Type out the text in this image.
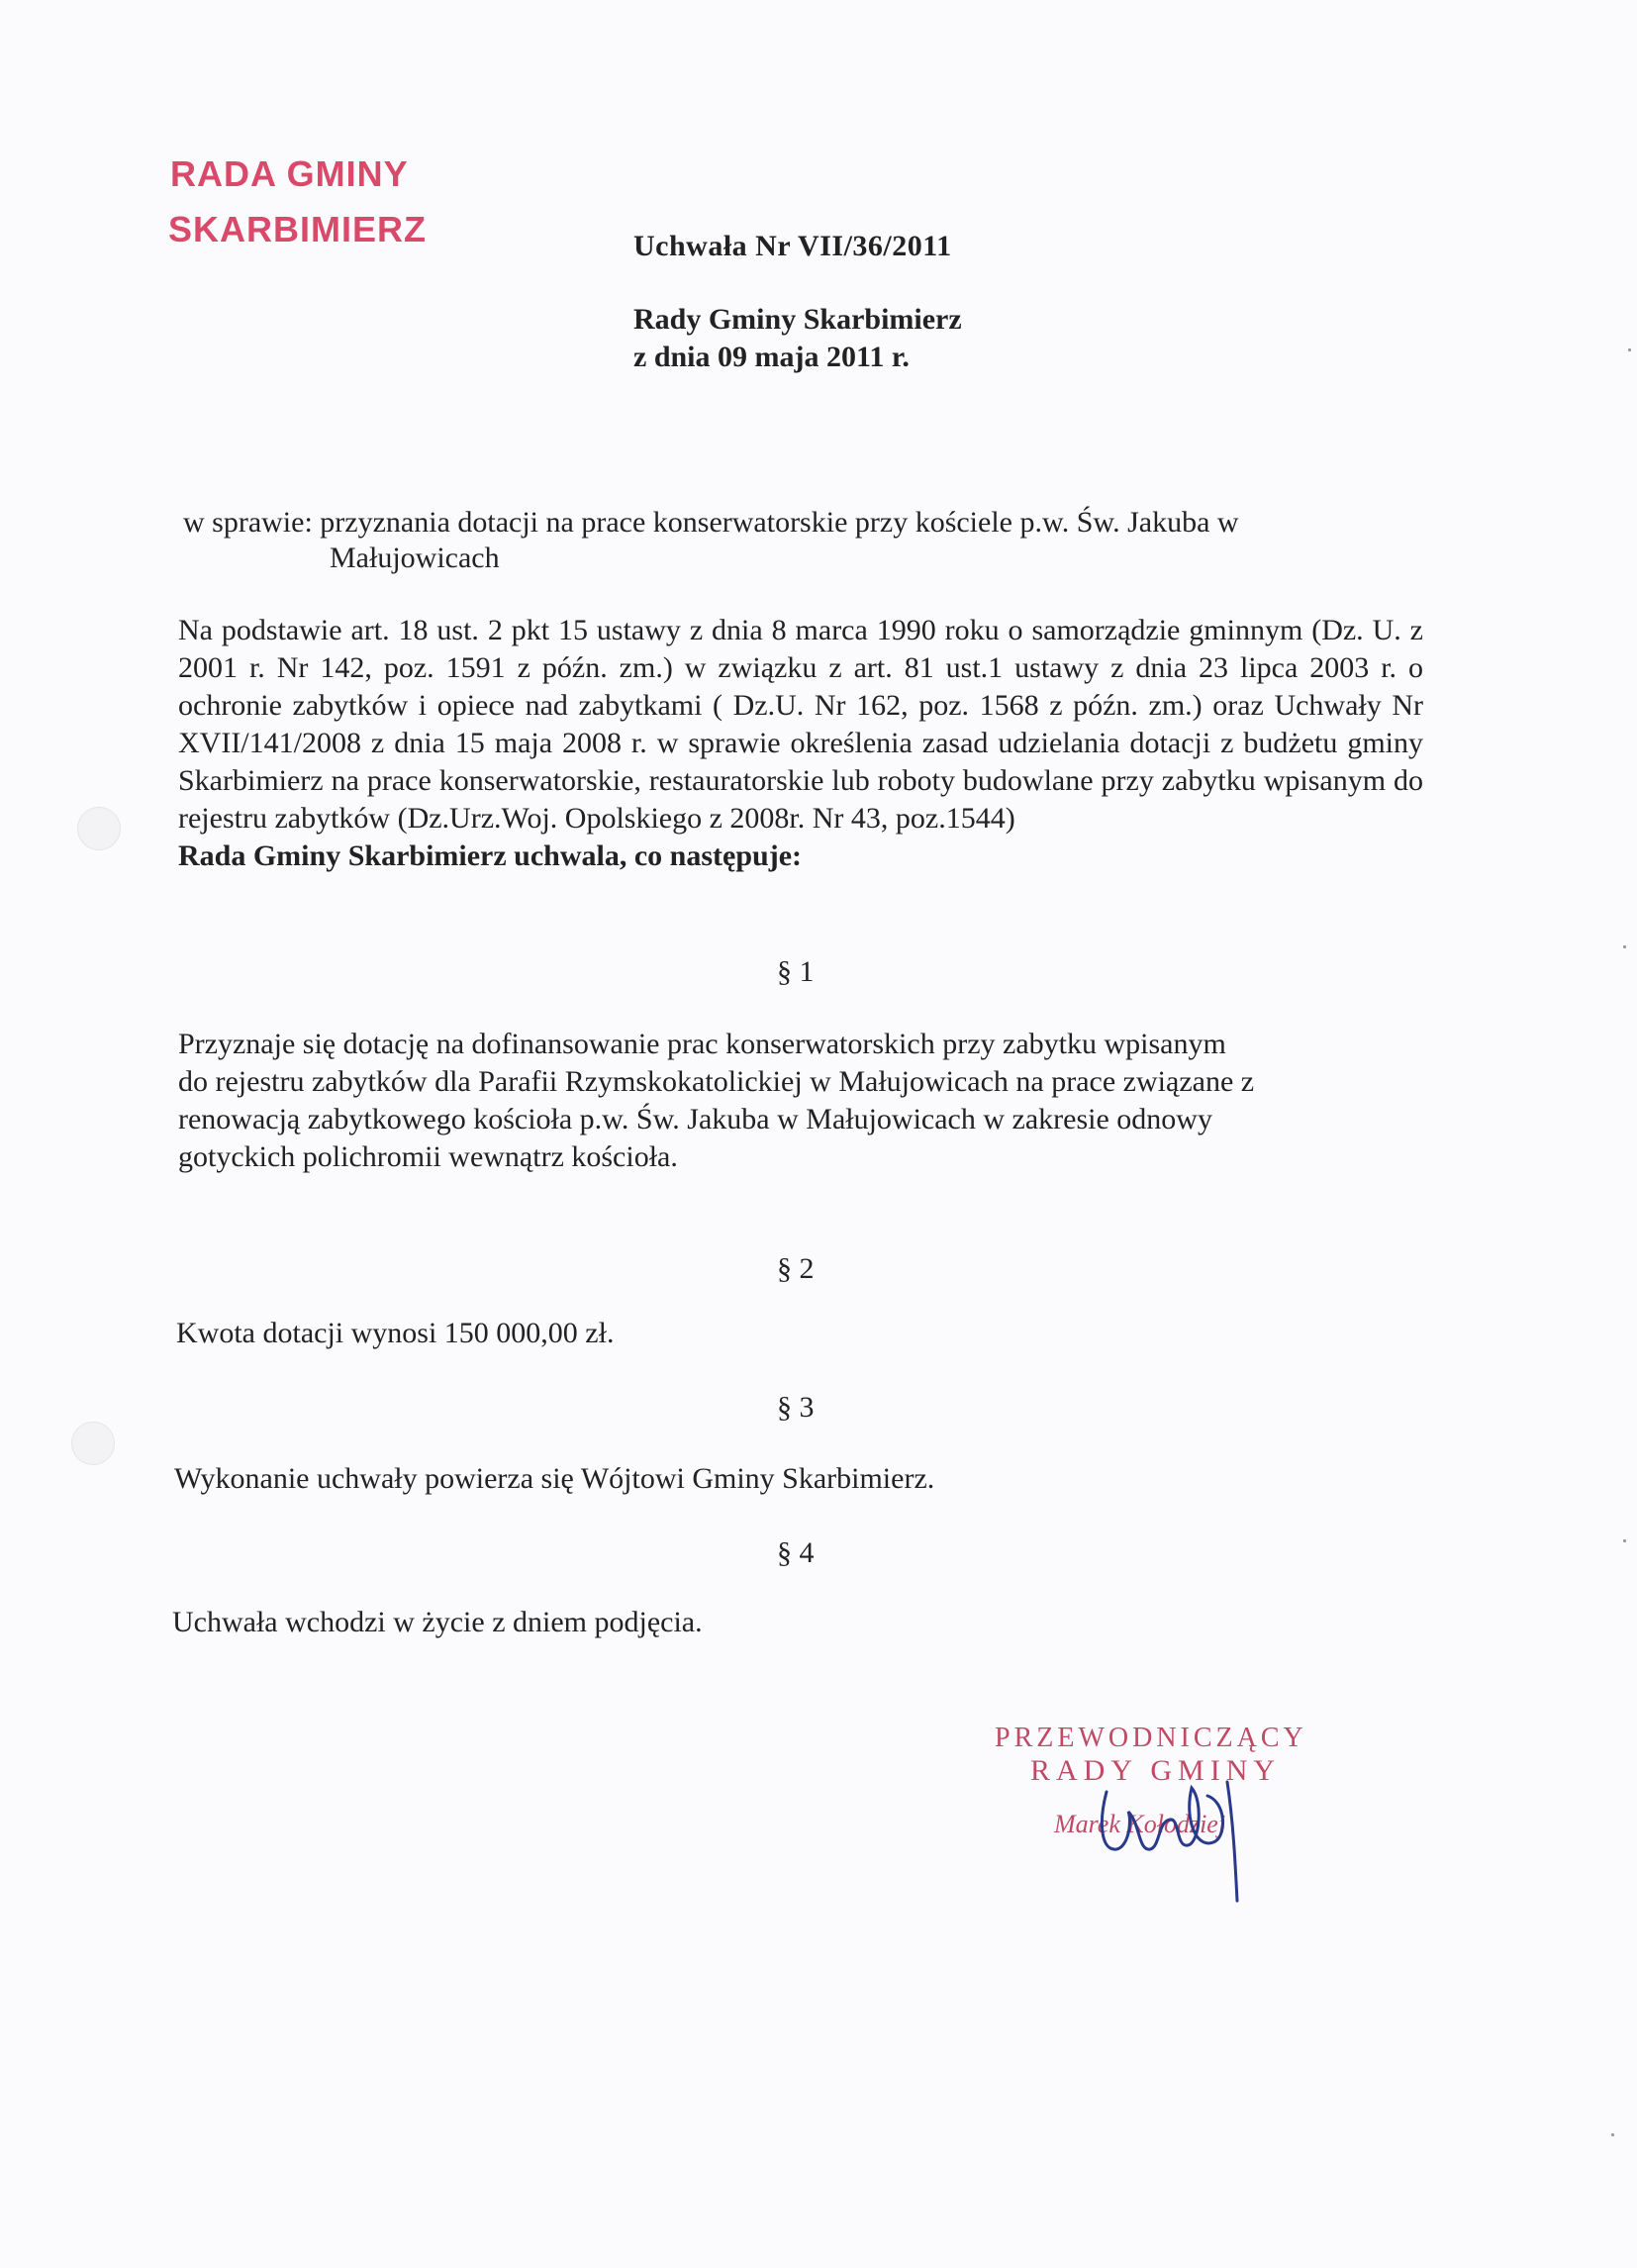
RADA GMINY
SKARBIMIERZ	Uchwała Nr VII/36/2011
Rady Gminy Skarbimierz
z dnia 09 maja 2011 r.
w sprawie: przyznania dotacji na prace konserwatorskie przy kościele p.w. Św. Jakuba w
Małujowicach
Na podstawie art. 18 ust. 2 pkt 15 ustawy z dnia 8 marca 1990 roku o samorządzie gminnym (Dz. U. z 2001 r. Nr 142, poz. 1591 z późn. zm.) w związku z art. 81 ust.1 ustawy z dnia 23 lipca 2003 r. o ochronie zabytków i opiece nad zabytkami ( Dz.U. Nr 162, poz. 1568 z późn. zm.) oraz Uchwały Nr XVII/141/2008 z dnia 15 maja 2008 r. w sprawie określenia zasad udzielania dotacji z budżetu gminy Skarbimierz na prace konserwatorskie, restauratorskie lub roboty budowlane przy zabytku wpisanym do rejestru zabytków (Dz.Urz.Woj. Opolskiego z 2008r. Nr 43, poz.1544)
Rada Gminy Skarbimierz uchwala, co następuje:
§ 1
Przyznaje się dotację na dofinansowanie prac konserwatorskich przy zabytku wpisanym
do rejestru zabytków dla Parafii Rzymskokatolickiej w Małujowicach na prace związane z
renowacją zabytkowego kościoła p.w. Św. Jakuba w Małujowicach w zakresie odnowy
gotyckich polichromii wewnątrz kościoła.
§ 2
Kwota dotacji wynosi 150 000,00 zł.
§ 3
Wykonanie uchwały powierza się Wójtowi Gminy Skarbimierz.
§ 4
Uchwała wchodzi w życie z dniem podjęcia.
PRZEWODNICZĄCY
RADY GMINY
Marek Kołodziej
